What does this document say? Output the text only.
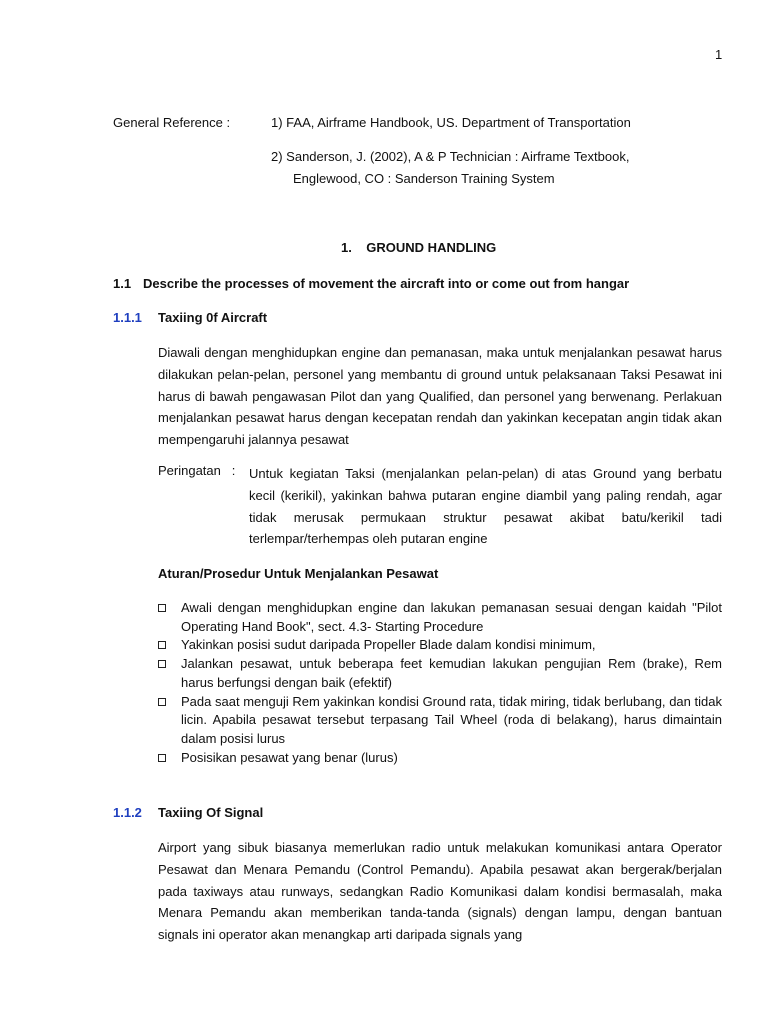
1
General Reference :	1) FAA, Airframe Handbook, US. Department of Transportation
2) Sanderson, J. (2002), A & P Technician : Airframe Textbook,
Englewood, CO : Sanderson Training System
1.    GROUND HANDLING
1.1 Describe the processes of movement the aircraft into or come out from hangar
1.1.1 Taxiing 0f Aircraft
Diawali dengan menghidupkan engine dan pemanasan, maka untuk menjalankan pesawat harus dilakukan pelan-pelan, personel yang membantu di ground untuk pelaksanaan Taksi Pesawat ini harus di bawah pengawasan Pilot dan yang Qualified, dan personel yang berwenang. Perlakuan menjalankan pesawat harus dengan kecepatan rendah dan yakinkan kecepatan angin tidak akan mempengaruhi jalannya pesawat
Peringatan   : Untuk kegiatan Taksi (menjalankan pelan-pelan) di atas Ground yang berbatu kecil (kerikil), yakinkan bahwa putaran engine diambil yang paling rendah, agar tidak merusak permukaan struktur pesawat akibat batu/kerikil tadi terlempar/terhempas oleh putaran engine
Aturan/Prosedur Untuk Menjalankan Pesawat
Awali dengan menghidupkan engine dan lakukan pemanasan sesuai dengan kaidah "Pilot Operating Hand Book", sect. 4.3- Starting Procedure
Yakinkan posisi sudut daripada Propeller Blade dalam kondisi minimum,
Jalankan pesawat, untuk beberapa feet kemudian lakukan pengujian Rem (brake), Rem harus berfungsi dengan baik (efektif)
Pada saat menguji Rem yakinkan kondisi Ground rata, tidak miring, tidak berlubang, dan tidak licin. Apabila pesawat tersebut terpasang Tail Wheel (roda di belakang), harus dimaintain dalam posisi lurus
Posisikan pesawat yang benar (lurus)
1.1.2 Taxiing Of Signal
Airport yang sibuk biasanya memerlukan radio untuk melakukan komunikasi antara Operator Pesawat dan Menara Pemandu (Control Pemandu). Apabila pesawat akan bergerak/berjalan pada taxiways atau runways, sedangkan Radio Komunikasi dalam kondisi bermasalah, maka Menara Pemandu akan memberikan tanda-tanda (signals) dengan lampu, dengan bantuan signals ini operator akan menangkap arti daripada signals yang
